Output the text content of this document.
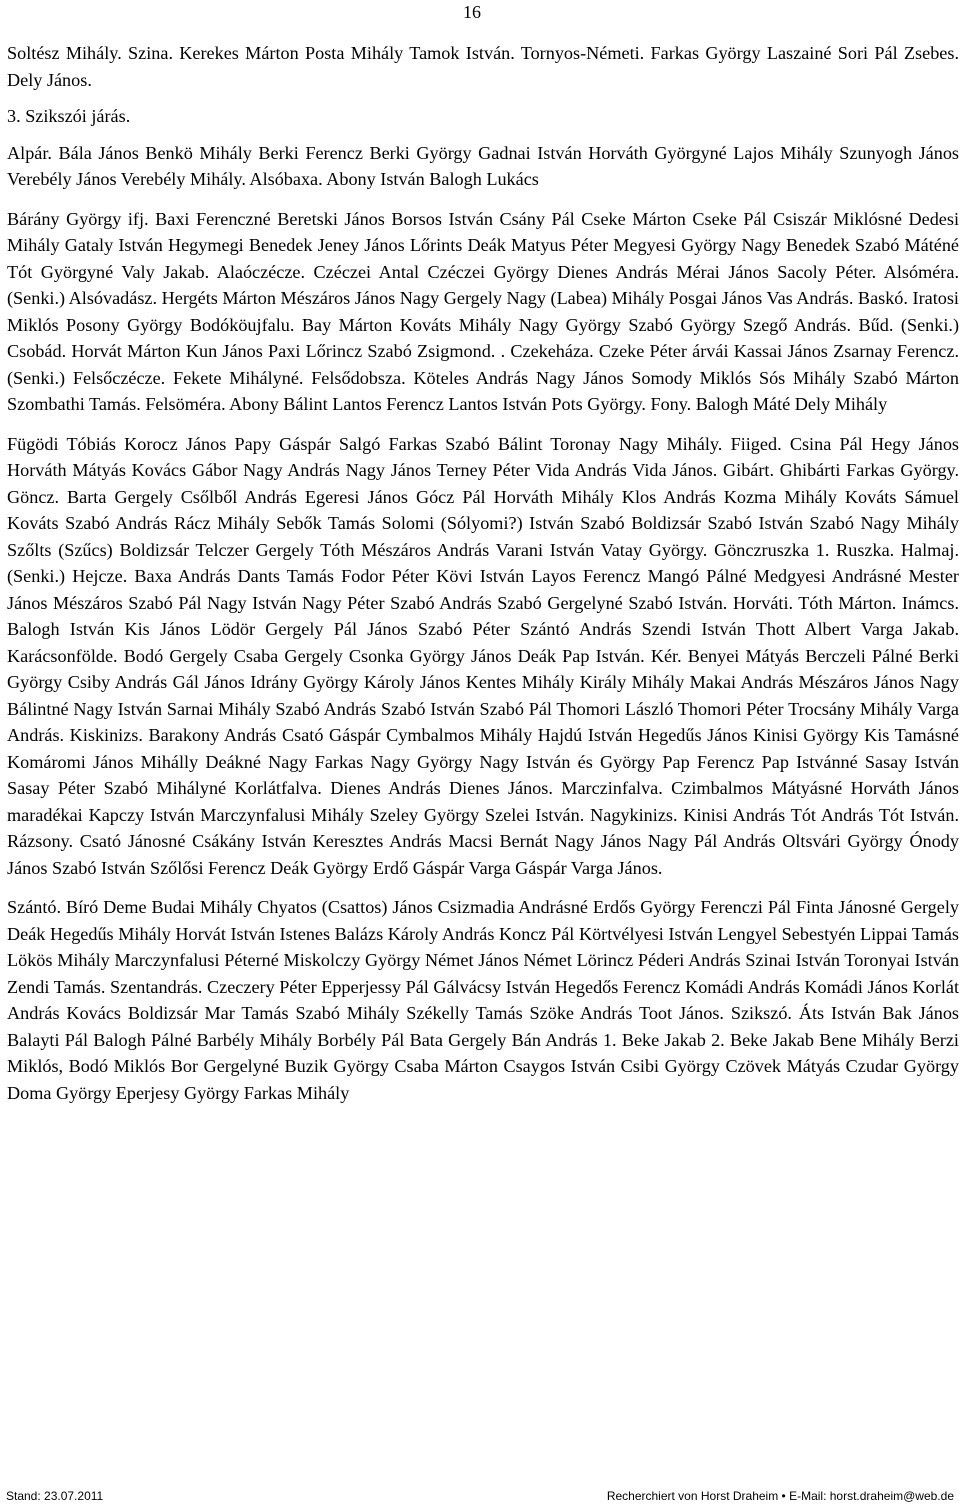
16

Soltész Mihály. Szina. Kerekes Márton Posta Mihály Tamok István. Tornyos-Németi. Farkas György Laszainé Sori Pál Zsebes. Dely János.

3. Szikszói járás.

Alpár. Bála János Benkö Mihály Berki Ferencz Berki György Gadnai István Horváth Györgyné Lajos Mihály Szunyogh János Verebély János Verebély Mihály. Alsóbaxa. Abony István Balogh Lukács

Bárány György ifj. Baxi Ferenczné Beretski János Borsos István Csány Pál Cseke Márton Cseke Pál Csiszár Miklósné Dedesi Mihály Gataly István Hegymegi Benedek Jeney János Lőrints Deák Matyus Péter Megyesi György Nagy Benedek Szabó Máténé Tót Györgyné Valy Jakab. Alaóczécze. Czéczei Antal Czéczei György Dienes András Mérai János Sacoly Péter. Alsóméra. (Senki.) Alsóvadász. Hergéts Márton Mészáros János Nagy Gergely Nagy (Labea) Mihály Posgai János Vas András. Baskó. Iratosi Miklós Posony György Bodóköujfalu. Bay Márton Kováts Mihály Nagy György Szabó György Szegő András. Bűd. (Senki.) Csobád. Horvát Márton Kun János Paxi Lőrincz Szabó Zsigmond. . Czekeháza. Czeke Péter árvái Kassai János Zsarnay Ferencz. (Senki.) Felsőczécze. Fekete Mihályné. Felsődobsza. Köteles András Nagy János Somody Miklós Sós Mihály Szabó Márton Szombathi Tamás. Felsöméra. Abony Bálint Lantos Ferencz Lantos István Pots György. Fony. Balogh Máté Dely Mihály

Fügödi Tóbiás Korocz János Papy Gáspár Salgó Farkas Szabó Bálint Toronay Nagy Mihály. Fiiged. Csina Pál Hegy János Horváth Mátyás Kovács Gábor Nagy András Nagy János Terney Péter Vida András Vida János. Gibárt. Ghibárti Farkas György. Göncz. Barta Gergely Csőlből András Egeresi János Gócz Pál Horváth Mihály Klos András Kozma Mihály Kováts Sámuel Kováts Szabó András Rácz Mihály Sebők Tamás Solomi (Sólyomi?) István Szabó Boldizsár Szabó István Szabó Nagy Mihály Szőlts (Szűcs) Boldizsár Telczer Gergely Tóth Mészáros András Varani István Vatay György. Gönczruszka 1. Ruszka. Halmaj. (Senki.) Hejcze. Baxa András Dants Tamás Fodor Péter Kövi István Layos Ferencz Mangó Pálné Medgyesi Andrásné Mester János Mészáros Szabó Pál Nagy István Nagy Péter Szabó András Szabó Gergelyné Szabó István. Horváti. Tóth Márton. Inámcs. Balogh István Kis János Lödör Gergely Pál János Szabó Péter Szántó András Szendi István Thott Albert Varga Jakab. Karácsonfölde. Bodó Gergely Csaba Gergely Csonka György János Deák Pap István. Kér. Benyei Mátyás Berczeli Pálné Berki György Csiby András Gál János Idrány György Károly János Kentes Mihály Király Mihály Makai András Mészáros János Nagy Bálintné Nagy István Sarnai Mihály Szabó András Szabó István Szabó Pál Thomori László Thomori Péter Trocsány Mihály Varga András. Kiskinizs. Barakony András Csató Gáspár Cymbalmos Mihály Hajdú István Hegedűs János Kinisi György Kis Tamásné Komáromi János Mihálly Deákné Nagy Farkas Nagy György Nagy István és György Pap Ferencz Pap Istvánné Sasay István Sasay Péter Szabó Mihályné Korlátfalva. Dienes András Dienes János. Marczinfalva. Czimbalmos Mátyásné Horváth János maradékai Kapczy István Marczynfalusi Mihály Szeley György Szelei István. Nagykinizs. Kinisi András Tót András Tót István. Rázsony. Csató Jánosné Csákány István Keresztes András Macsi Bernát Nagy János Nagy Pál András Oltsvári György Ónody János Szabó István Szőlősi Ferencz Deák György Erdő Gáspár Varga Gáspár Varga János.

Szántó. Bíró Deme Budai Mihály Chyatos (Csattos) János Csizmadia Andrásné Erdős György Ferenczi Pál Finta Jánosné Gergely Deák Hegedűs Mihály Horvát István Istenes Balázs Károly András Koncz Pál Körtvélyesi István Lengyel Sebestyén Lippai Tamás Lökös Mihály Marczynfalusi Péterné Miskolczy György Német János Német Lörincz Péderi András Szinai István Toronyai István Zendi Tamás. Szentandrás. Czeczery Péter Epperjessy Pál Gálvácsy István Hegedős Ferencz Komádi András Komádi János Korlát András Kovács Boldizsár Mar Tamás Szabó Mihály Székelly Tamás Szöke András Toot János. Szikszó. Áts István Bak János Balayti Pál Balogh Pálné Barbély Mihály Borbély Pál Bata Gergely Bán András 1. Beke Jakab 2. Beke Jakab Bene Mihály Berzi Miklós, Bodó Miklós Bor Gergelyné Buzik György Csaba Márton Csaygos István Csibi György Czövek Mátyás Czudar György Doma György Eperjesy György Farkas Mihály

Stand: 23.07.2011	Recherchiert von Horst Draheim • E-Mail: horst.draheim@web.de
